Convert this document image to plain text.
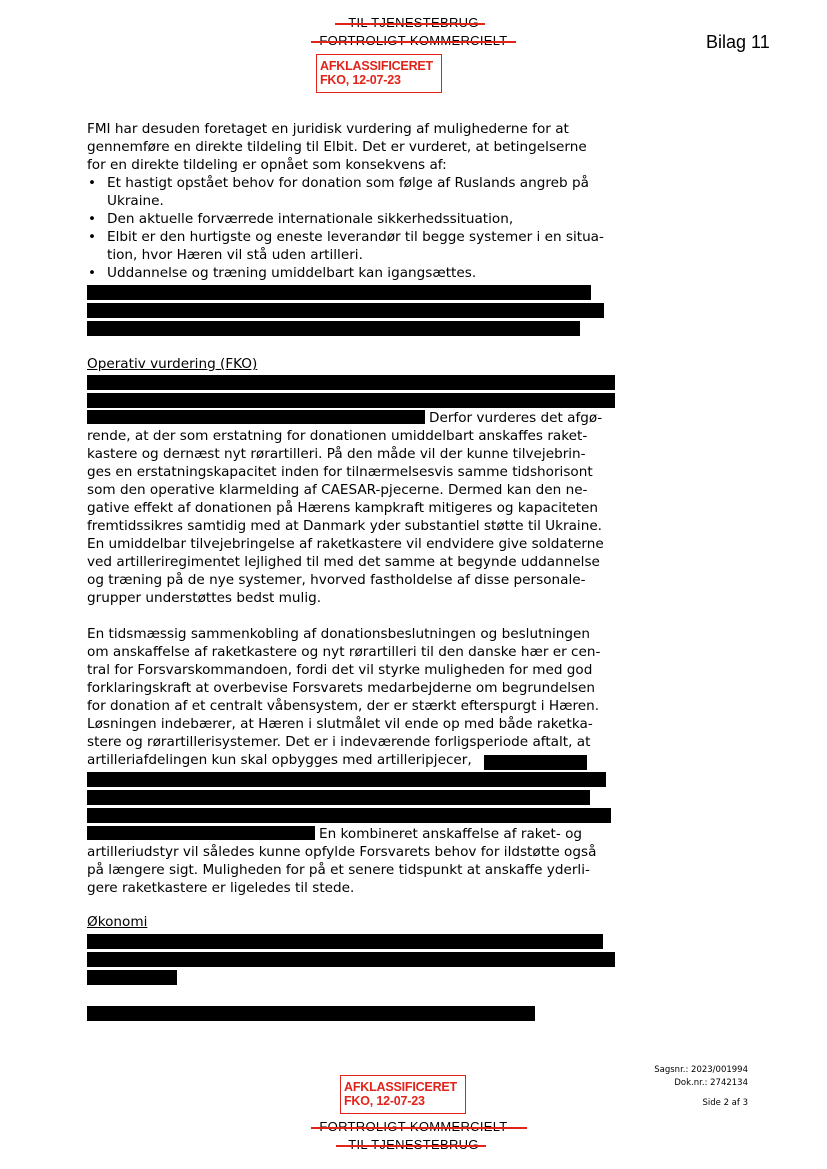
AFKLASSIFICERET
FKO, 12-07-23
Bilag 11
FMI har desuden foretaget en juridisk vurdering af mulighederne for at
gennemføre en direkte tildeling til Elbit. Det er vurderet, at betingelserne
for en direkte tildeling er opnået som konsekvens af:
• Et hastigt opstået behov for donation som følge af Ruslands angreb på
Ukraine.
• Den aktuelle forværrede internationale sikkerhedssituation,
• Elbit er den hurtigste og eneste leverandør til begge systemer i en situa-
tion, hvor Hæren vil stå uden artilleri.
• Uddannelse og træning umiddelbart kan igangsættes.
Operativ vurdering (FKO)
Derfor vurderes det afgø-
rende, at der som erstatning for donationen umiddelbart anskaffes raket-
kastere og dernæst nyt rørartilleri. På den måde vil der kunne tilvejebrin-
ges en erstatningskapacitet inden for tilnærmelsesvis samme tidshorisont
som den operative klarmelding af CAESAR-pjecerne. Dermed kan den ne-
gative effekt af donationen på Hærens kampkraft mitigeres og kapaciteten
fremtidssikres samtidig med at Danmark yder substantiel støtte til Ukraine.
En umiddelbar tilvejebringelse af raketkastere vil endvidere give soldaterne
ved artilleriregimentet lejlighed til med det samme at begynde uddannelse
og træning på de nye systemer, hvorved fastholdelse af disse personale-
grupper understøttes bedst mulig.
En tidsmæssig sammenkobling af donationsbeslutningen og beslutningen
om anskaffelse af raketkastere og nyt rørartilleri til den danske hær er cen-
tral for Forsvarskommandoen, fordi det vil styrke muligheden for med god
forklaringskraft at overbevise Forsvarets medarbejderne om begrundelsen
for donation af et centralt våbensystem, der er stærkt efterspurgt i Hæren.
Løsningen indebærer, at Hæren i slutmålet vil ende op med både raketka-
stere og rørartillerisystemer. Det er i indeværende forligsperiode aftalt, at
artilleriafdelingen kun skal opbygges med artilleripjecer,
En kombineret anskaffelse af raket- og
artilleriudstyr vil således kunne opfylde Forsvarets behov for ildstøtte også
på længere sigt. Muligheden for på et senere tidspunkt at anskaffe yderli-
gere raketkastere er ligeledes til stede.
Økonomi
Sagsnr.: 2023/001994
Dok.nr.: 2742134
Side 2 af 3
AFKLASSIFICERET
FKO, 12-07-23
